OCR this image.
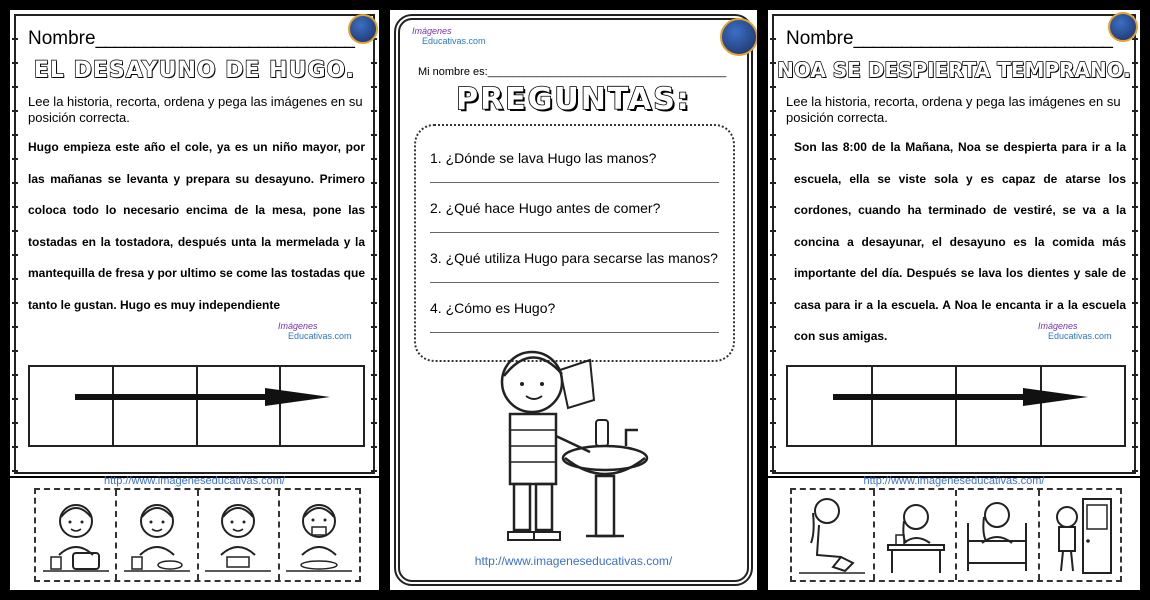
Nombre___________________________
EL DESAYUNO DE HUGO.
Lee la historia, recorta, ordena y pega las imágenes en su posición correcta.
Hugo empieza este año el cole, ya es un niño mayor, por las mañanas se levanta y prepara su desayuno. Primero coloca todo lo necesario encima de la mesa, pone las tostadas en la tostadora, después unta la mermelada y la mantequilla de fresa y por ultimo se come las tostadas que tanto le gustan. Hugo es muy independiente
Imágenes
Educativas.com
http://www.imageneseducativas.com/
Imágenes
Educativas.com
Mi nombre es:_______________________________________
PREGUNTAS:
1. ¿Dónde se lava Hugo las manos?
2. ¿Qué hace Hugo antes de comer?
3. ¿Qué utiliza Hugo para secarse las manos?
4. ¿Cómo es Hugo?
http://www.imageneseducativas.com/
Nombre___________________________
NOA SE DESPIERTA TEMPRANO.
Lee la historia, recorta, ordena y pega las imágenes en su posición correcta.
Son las 8:00 de la Mañana, Noa se despierta para ir a la escuela, ella se viste sola y es capaz de atarse los cordones, cuando ha terminado de vestiré, se va a la concina a desayunar, el desayuno es la comida más importante del día. Después se lava los dientes y sale de casa para ir a la escuela. A Noa le encanta ir a la escuela con sus amigas.
Imágenes
Educativas.com
http://www.imageneseducativas.com/
